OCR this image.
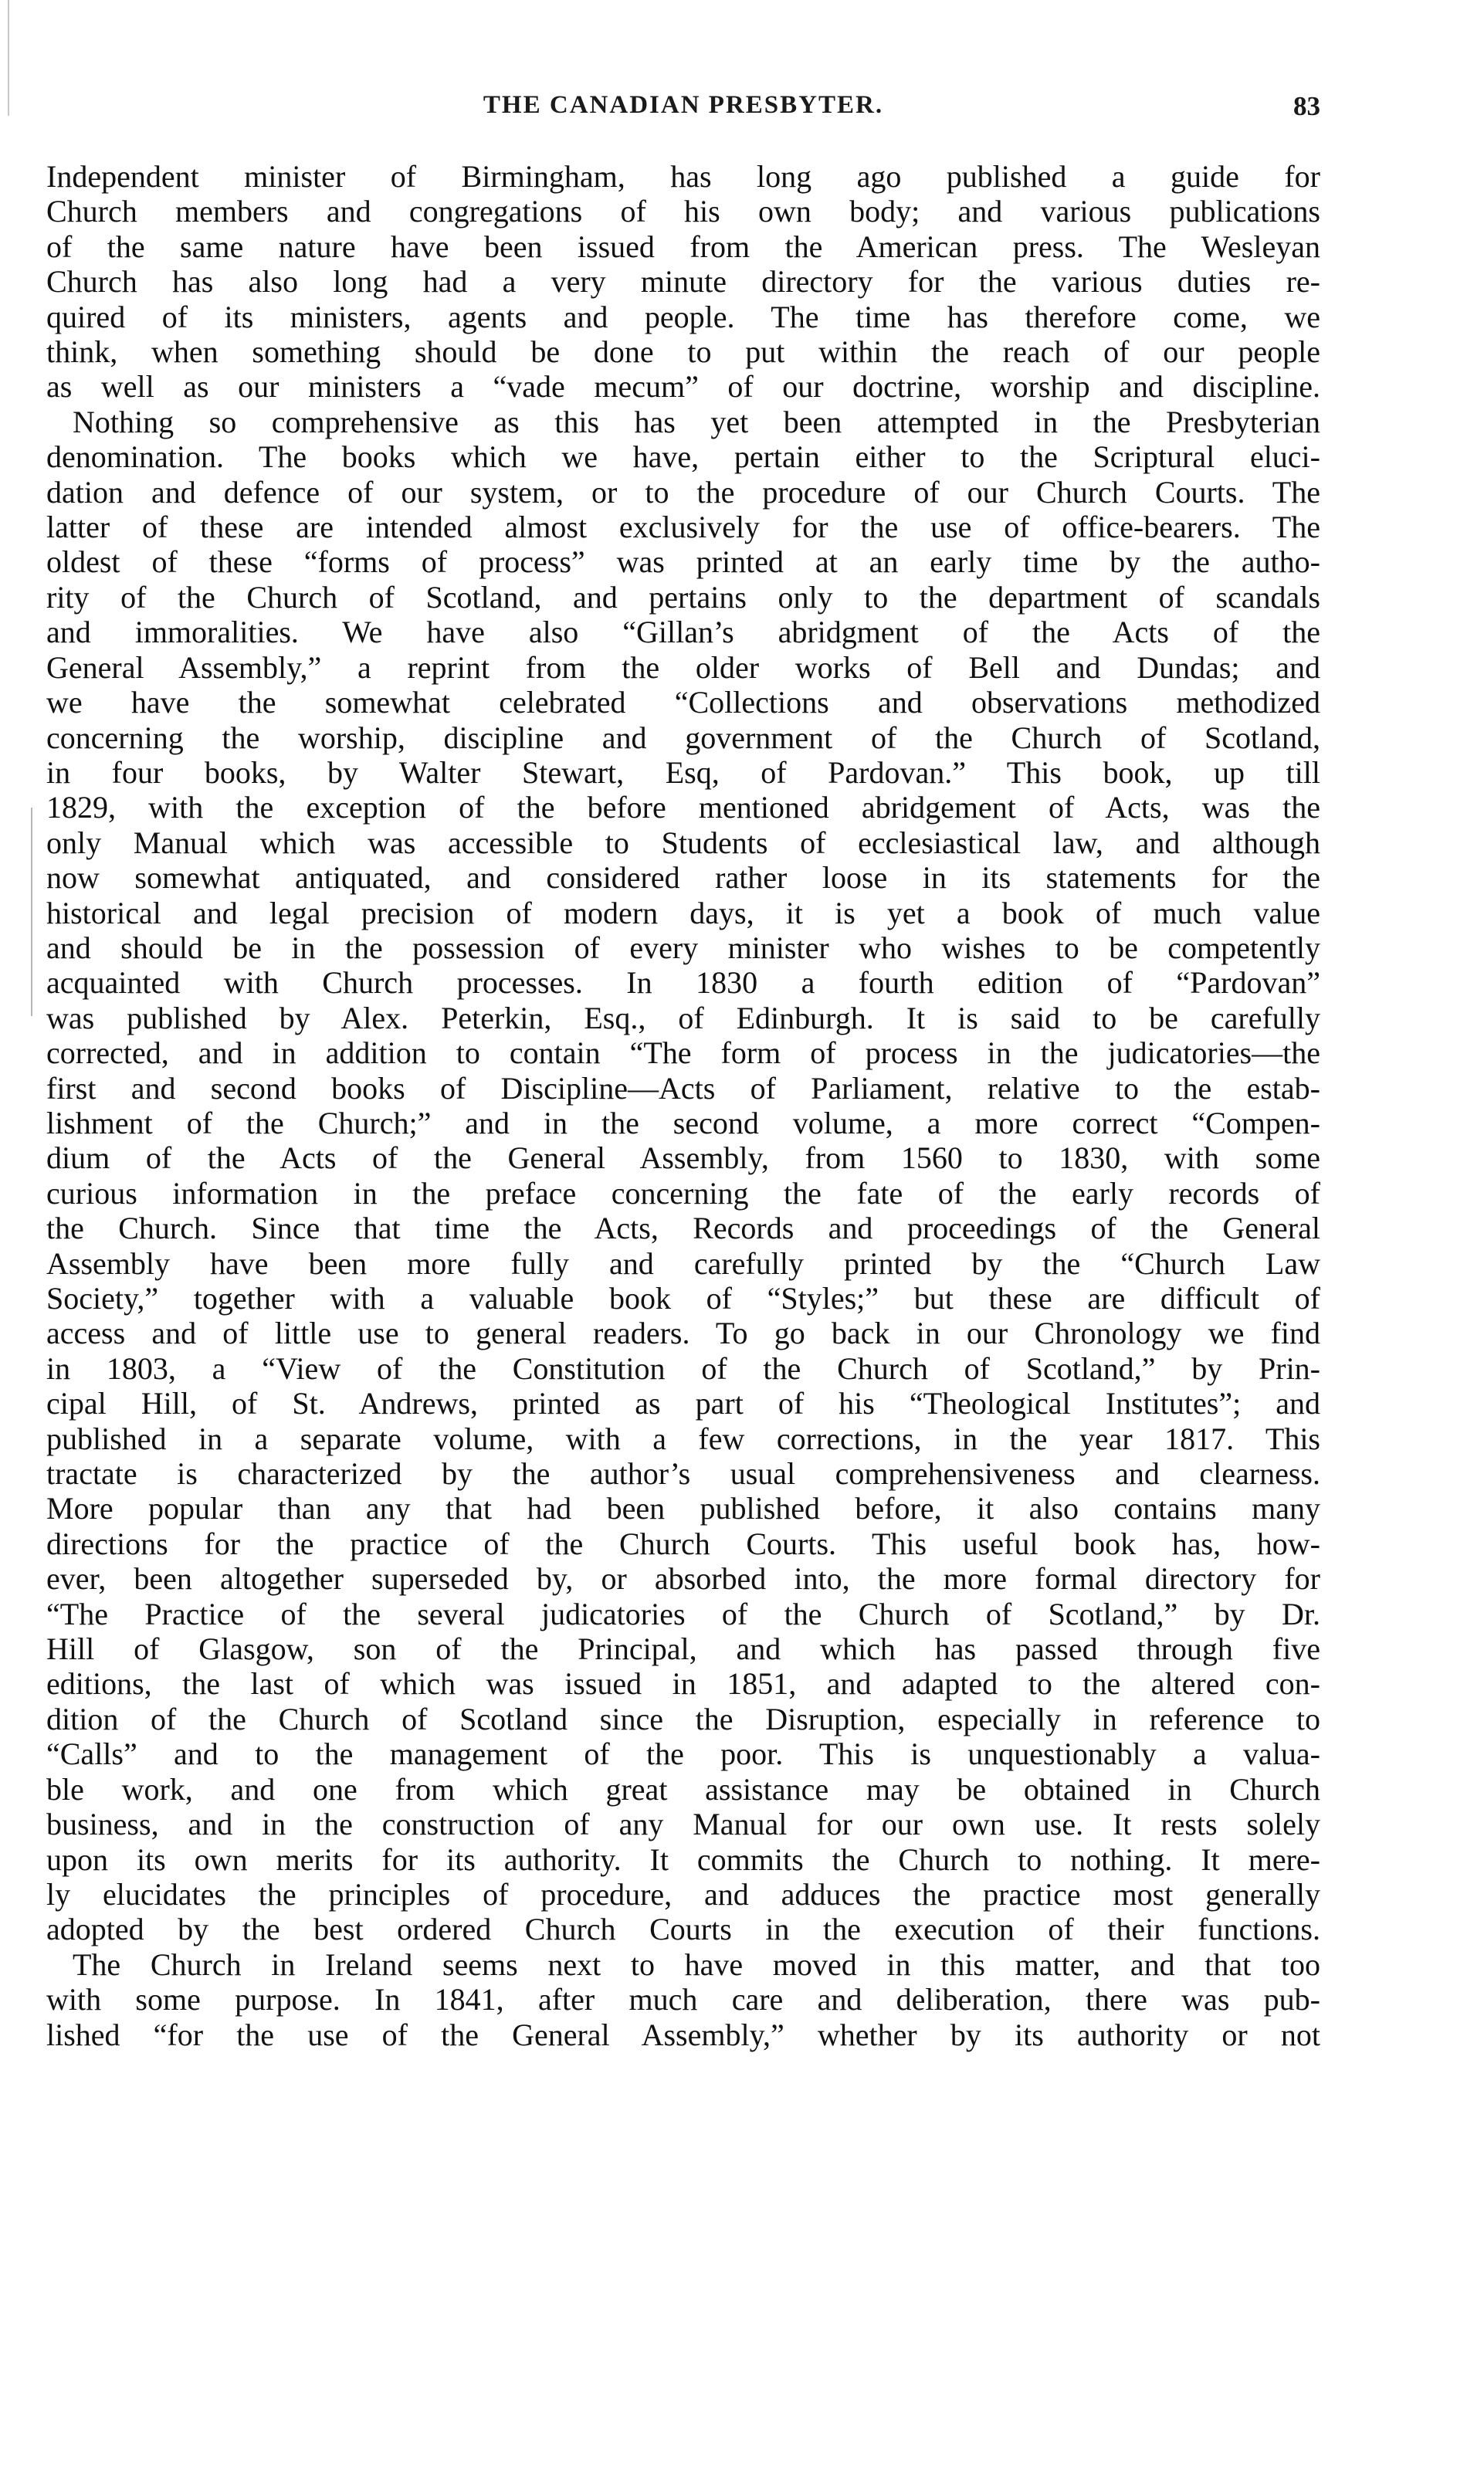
THE CANADIAN PRESBYTER.	83
Independent minister of Birmingham, has long ago published a guide for
Church members and congregations of his own body; and various publications
of the same nature have been issued from the American press. The Wesleyan
Church has also long had a very minute directory for the various duties re-
quired of its ministers, agents and people. The time has therefore come, we
think, when something should be done to put within the reach of our people
as well as our ministers a “vade mecum” of our doctrine, worship and discipline.
Nothing so comprehensive as this has yet been attempted in the Presbyterian
denomination. The books which we have, pertain either to the Scriptural eluci-
dation and defence of our system, or to the procedure of our Church Courts. The
latter of these are intended almost exclusively for the use of office-bearers. The
oldest of these “forms of process” was printed at an early time by the autho-
rity of the Church of Scotland, and pertains only to the department of scandals
and immoralities. We have also “Gillan’s abridgment of the Acts of the
General Assembly,” a reprint from the older works of Bell and Dundas; and
we have the somewhat celebrated “Collections and observations methodized
concerning the worship, discipline and government of the Church of Scotland,
in four books, by Walter Stewart, Esq, of Pardovan.” This book, up till
1829, with the exception of the before mentioned abridgement of Acts, was the
only Manual which was accessible to Students of ecclesiastical law, and although
now somewhat antiquated, and considered rather loose in its statements for the
historical and legal precision of modern days, it is yet a book of much value
and should be in the possession of every minister who wishes to be competently
acquainted with Church processes. In 1830 a fourth edition of “Pardovan”
was published by Alex. Peterkin, Esq., of Edinburgh. It is said to be carefully
corrected, and in addition to contain “The form of process in the judicatories—the
first and second books of Discipline—Acts of Parliament, relative to the estab-
lishment of the Church;” and in the second volume, a more correct “Compen-
dium of the Acts of the General Assembly, from 1560 to 1830, with some
curious information in the preface concerning the fate of the early records of
the Church. Since that time the Acts, Records and proceedings of the General
Assembly have been more fully and carefully printed by the “Church Law
Society,” together with a valuable book of “Styles;” but these are difficult of
access and of little use to general readers. To go back in our Chronology we find
in 1803, a “View of the Constitution of the Church of Scotland,” by Prin-
cipal Hill, of St. Andrews, printed as part of his “Theological Institutes”; and
published in a separate volume, with a few corrections, in the year 1817. This
tractate is characterized by the author’s usual comprehensiveness and clearness.
More popular than any that had been published before, it also contains many
directions for the practice of the Church Courts. This useful book has, how-
ever, been altogether superseded by, or absorbed into, the more formal directory for
“The Practice of the several judicatories of the Church of Scotland,” by Dr.
Hill of Glasgow, son of the Principal, and which has passed through five
editions, the last of which was issued in 1851, and adapted to the altered con-
dition of the Church of Scotland since the Disruption, especially in reference to
“Calls” and to the management of the poor. This is unquestionably a valua-
ble work, and one from which great assistance may be obtained in Church
business, and in the construction of any Manual for our own use. It rests solely
upon its own merits for its authority. It commits the Church to nothing. It mere-
ly elucidates the principles of procedure, and adduces the practice most generally
adopted by the best ordered Church Courts in the execution of their functions.
The Church in Ireland seems next to have moved in this matter, and that too
with some purpose. In 1841, after much care and deliberation, there was pub-
lished “for the use of the General Assembly,” whether by its authority or not
